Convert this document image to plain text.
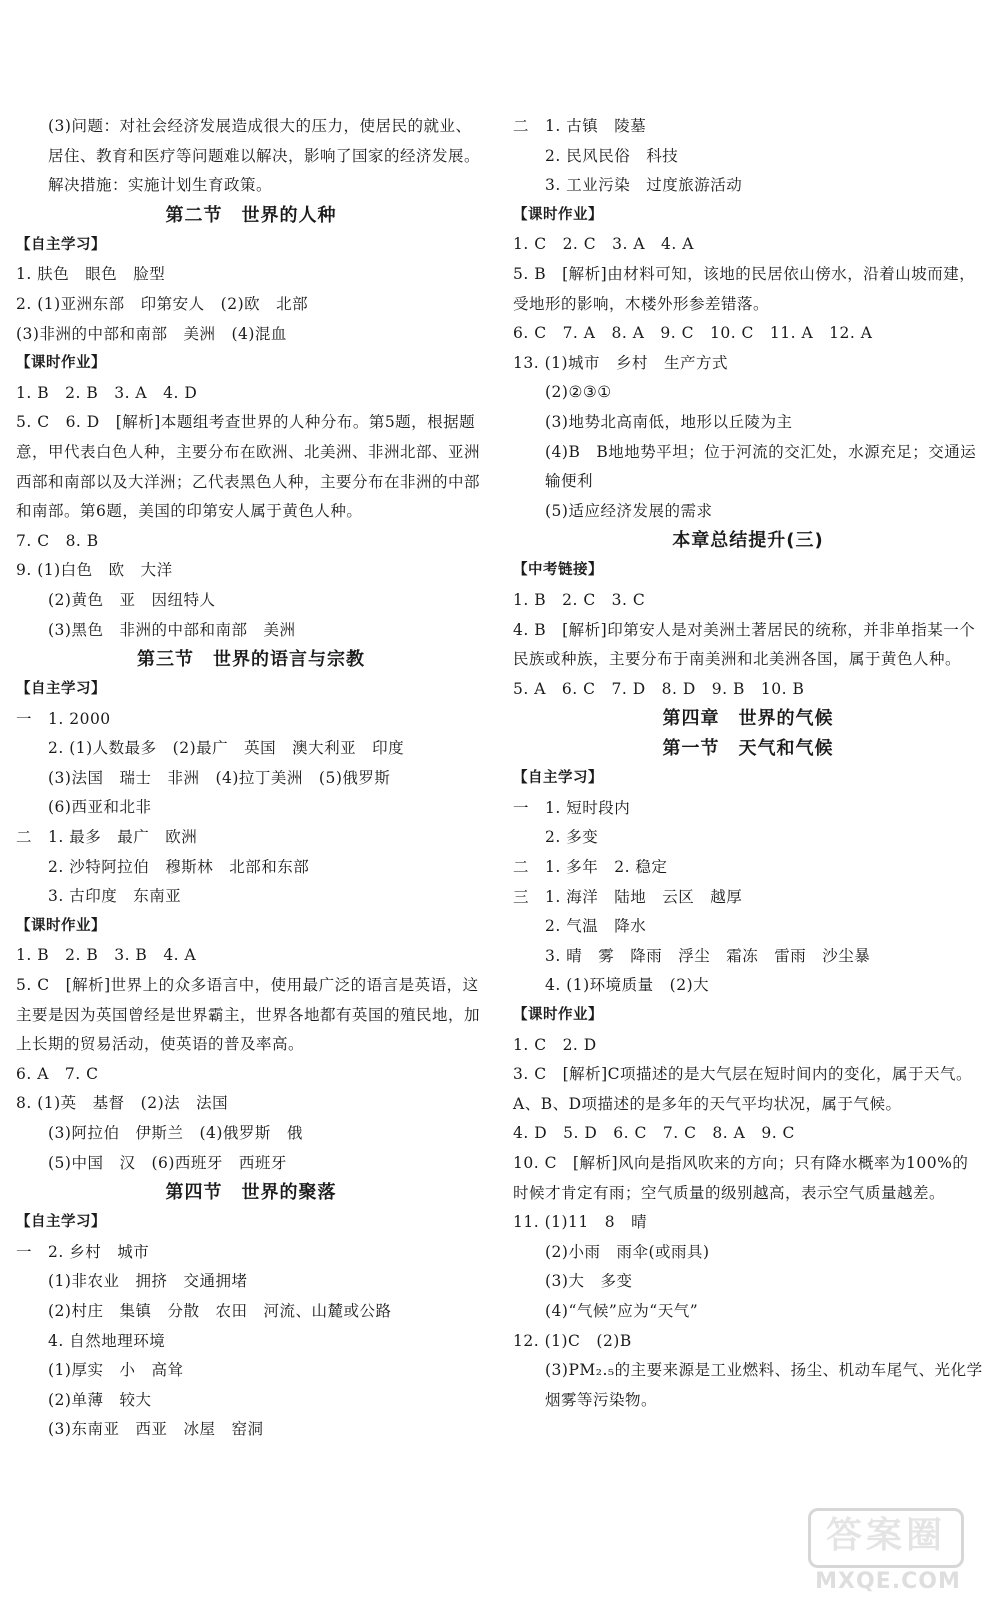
(3)问题：对社会经济发展造成很大的压力，使居民的就业、居住、教育和医疗等问题难以解决，影响了国家的经济发展。解决措施：实施计划生育政策。
第二节　世界的人种
【自主学习】
1. 肤色　眼色　脸型
2. (1)亚洲东部　印第安人　(2)欧　北部
(3)非洲的中部和南部　美洲　(4)混血
【课时作业】
1. B　2. B　3. A　4. D
5. C　6. D　[解析]本题组考查世界的人种分布。第5题，根据题意，甲代表白色人种，主要分布在欧洲、北美洲、非洲北部、亚洲西部和南部以及大洋洲；乙代表黑色人种，主要分布在非洲的中部和南部。第6题，美国的印第安人属于黄色人种。
7. C　8. B
9. (1)白色　欧　大洋
(2)黄色　亚　因纽特人
(3)黑色　非洲的中部和南部　美洲
第三节　世界的语言与宗教
【自主学习】
一　1. 2000
2. (1)人数最多　(2)最广　英国　澳大利亚　印度
(3)法国　瑞士　非洲　(4)拉丁美洲　(5)俄罗斯
(6)西亚和北非
二　1. 最多　最广　欧洲
2. 沙特阿拉伯　穆斯林　北部和东部
3. 古印度　东南亚
【课时作业】
1. B　2. B　3. B　4. A
5. C　[解析]世界上的众多语言中，使用最广泛的语言是英语，这主要是因为英国曾经是世界霸主，世界各地都有英国的殖民地，加上长期的贸易活动，使英语的普及率高。
6. A　7. C
8. (1)英　基督　(2)法　法国
(3)阿拉伯　伊斯兰　(4)俄罗斯　俄
(5)中国　汉　(6)西班牙　西班牙
第四节　世界的聚落
【自主学习】
一　2. 乡村　城市
(1)非农业　拥挤　交通拥堵
(2)村庄　集镇　分散　农田　河流、山麓或公路
4. 自然地理环境
(1)厚实　小　高耸
(2)单薄　较大
(3)东南亚　西亚　冰屋　窑洞
二　1. 古镇　陵墓
2. 民风民俗　科技
3. 工业污染　过度旅游活动
【课时作业】
1. C　2. C　3. A　4. A
5. B　[解析]由材料可知，该地的民居依山傍水，沿着山坡而建，受地形的影响，木楼外形参差错落。
6. C　7. A　8. A　9. C　10. C　11. A　12. A
13. (1)城市　乡村　生产方式
(2)②③①
(3)地势北高南低，地形以丘陵为主
(4)B　B地地势平坦；位于河流的交汇处，水源充足；交通运输便利
(5)适应经济发展的需求
本章总结提升(三)
【中考链接】
1. B　2. C　3. C
4. B　[解析]印第安人是对美洲土著居民的统称，并非单指某一个民族或种族，主要分布于南美洲和北美洲各国，属于黄色人种。
5. A　6. C　7. D　8. D　9. B　10. B
第四章　世界的气候
第一节　天气和气候
【自主学习】
一　1. 短时段内
2. 多变
二　1. 多年　2. 稳定
三　1. 海洋　陆地　云区　越厚
2. 气温　降水
3. 晴　雾　降雨　浮尘　霜冻　雷雨　沙尘暴
4. (1)环境质量　(2)大
【课时作业】
1. C　2. D
3. C　[解析]C项描述的是大气层在短时间内的变化，属于天气。A、B、D项描述的是多年的天气平均状况，属于气候。
4. D　5. D　6. C　7. C　8. A　9. C
10. C　[解析]风向是指风吹来的方向；只有降水概率为100%的时候才肯定有雨；空气质量的级别越高，表示空气质量越差。
11. (1)11　8　晴
(2)小雨　雨伞(或雨具)
(3)大　多变
(4)“气候”应为“天气”
12. (1)C　(2)B
(3)PM₂.₅的主要来源是工业燃料、扬尘、机动车尾气、光化学烟雾等污染物。
答案圈
MXQE.COM
